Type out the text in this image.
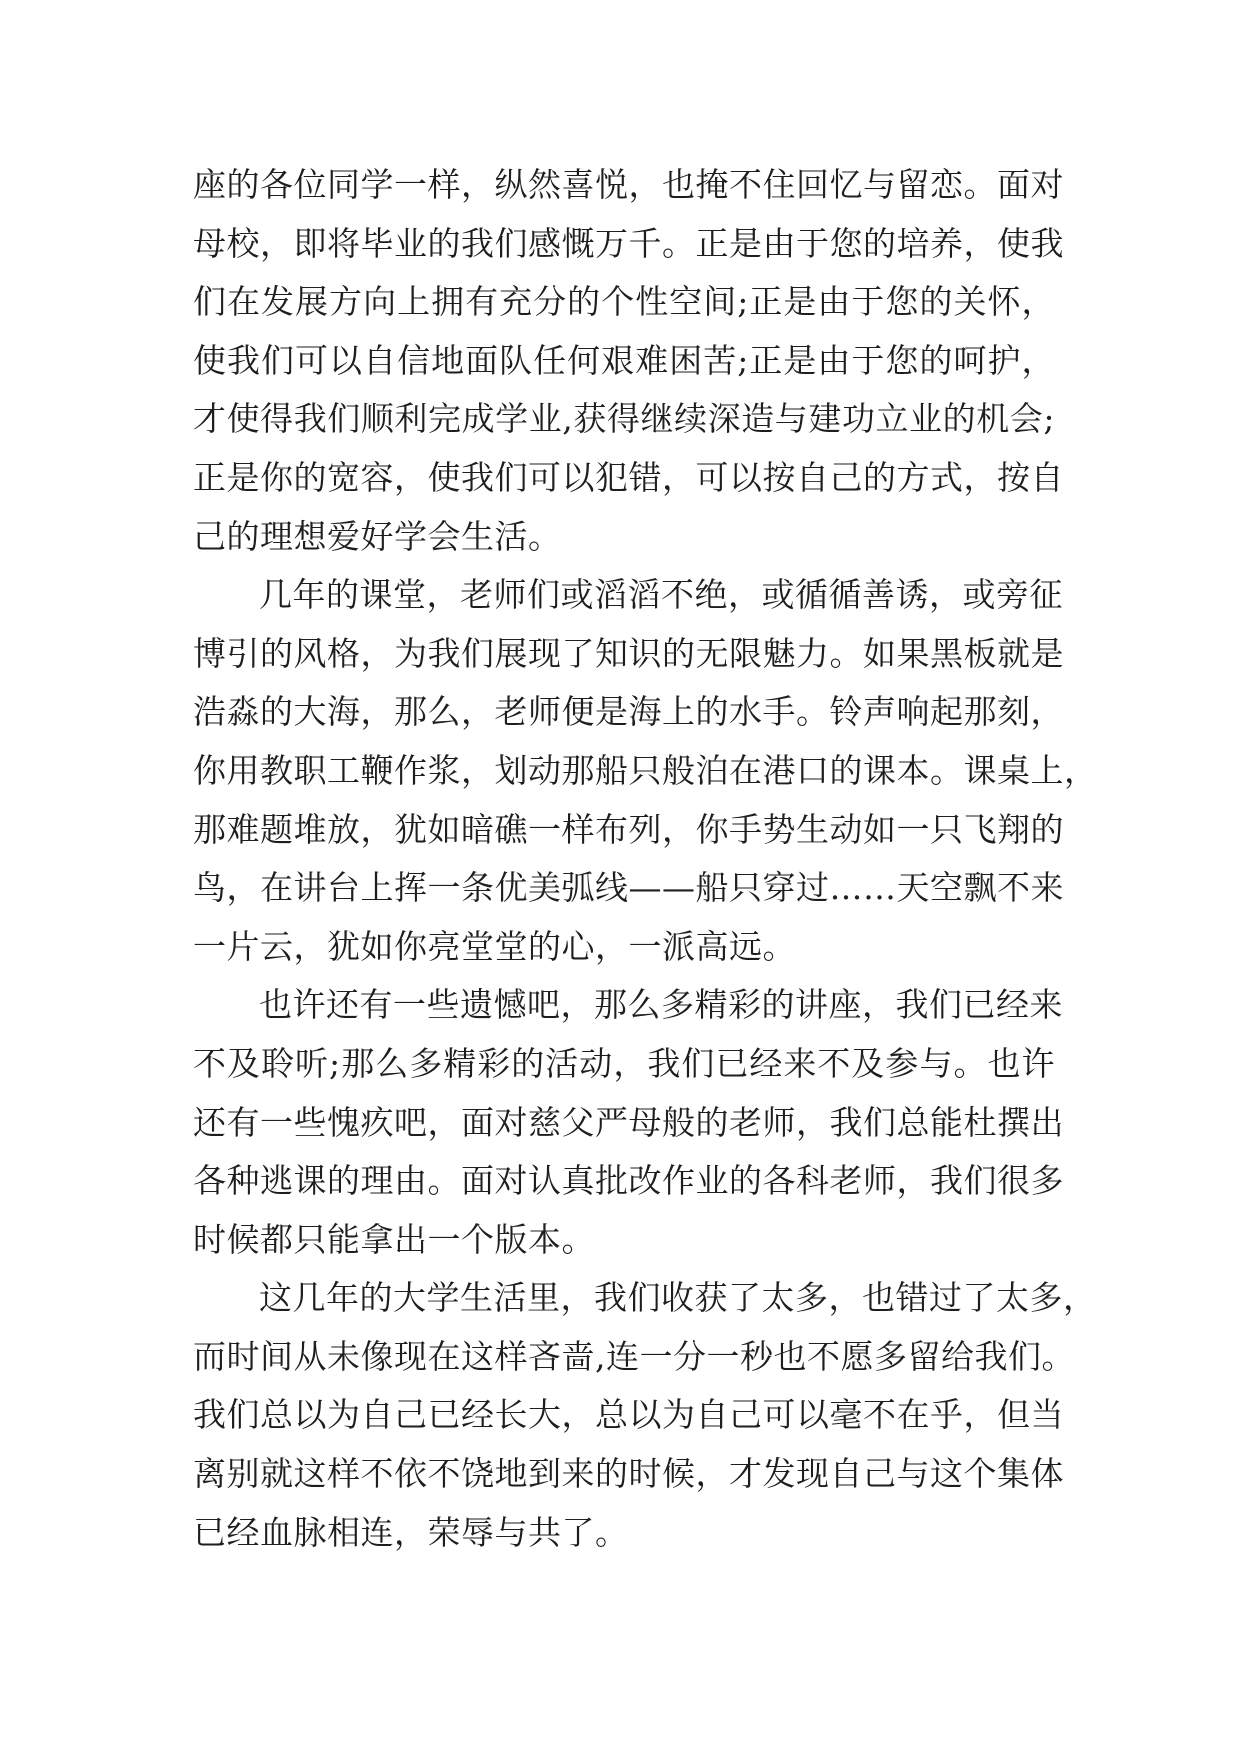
座的各位同学一样，纵然喜悦，也掩不住回忆与留恋。面对
母校，即将毕业的我们感慨万千。正是由于您的培养，使我
们在发展方向上拥有充分的个性空间;正是由于您的关怀，
使我们可以自信地面队任何艰难困苦;正是由于您的呵护，
才使得我们顺利完成学业,获得继续深造与建功立业的机会;
正是你的宽容，使我们可以犯错，可以按自己的方式，按自
己的理想爱好学会生活。
几年的课堂，老师们或滔滔不绝，或循循善诱，或旁征
博引的风格，为我们展现了知识的无限魅力。如果黑板就是
浩淼的大海，那么，老师便是海上的水手。铃声响起那刻，
你用教职工鞭作浆，划动那船只般泊在港口的课本。课桌上，
那难题堆放，犹如暗礁一样布列，你手势生动如一只飞翔的
鸟，在讲台上挥一条优美弧线——船只穿过……天空飘不来
一片云，犹如你亮堂堂的心，一派高远。
也许还有一些遗憾吧，那么多精彩的讲座，我们已经来
不及聆听;那么多精彩的活动，我们已经来不及参与。也许
还有一些愧疚吧，面对慈父严母般的老师，我们总能杜撰出
各种逃课的理由。面对认真批改作业的各科老师，我们很多
时候都只能拿出一个版本。
这几年的大学生活里，我们收获了太多，也错过了太多，
而时间从未像现在这样吝啬,连一分一秒也不愿多留给我们。
我们总以为自己已经长大，总以为自己可以毫不在乎，但当
离别就这样不依不饶地到来的时候，才发现自己与这个集体
已经血脉相连，荣辱与共了。
